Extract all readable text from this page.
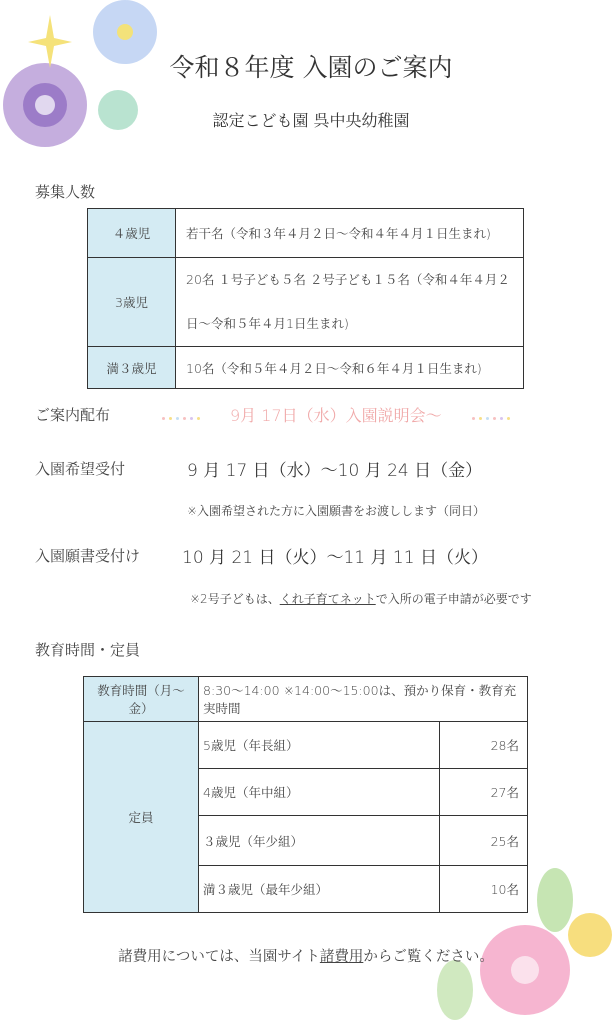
令和８年度 入園のご案内
認定こども園 呉中央幼稚園
募集人数
４歳児	若干名（令和３年４月２日～令和４年４月１日生まれ)
3歳児	20名 １号子ども５名 ２号子ども１５名（令和４年４月２
日～令和５年４月1日生まれ)

満３歳児	10名（令和５年４月２日～令和６年４月１日生まれ)
ご案内配布	9月 17日（水）入園説明会～
入園希望受付	9 月 17 日（水）～10 月 24 日（金）
※入園希望された方に入園願書をお渡しします（同日）
入園願書受付け 10 月 21 日（火）～11 月 11 日（火）
※2号子どもは、くれ子育てネットで入所の電子申請が必要です
教育時間・定員
教育時間（月～金）	8:30～14:00 ※14:00～15:00は、預かり保育・教育充実時間	
定員	5歳児（年長組）	28名
	4歳児（年中組）	27名
	３歳児（年少組）	25名
	満３歳児（最年少組）	10名
諸費用については、当園サイト諸費用からご覧ください。
